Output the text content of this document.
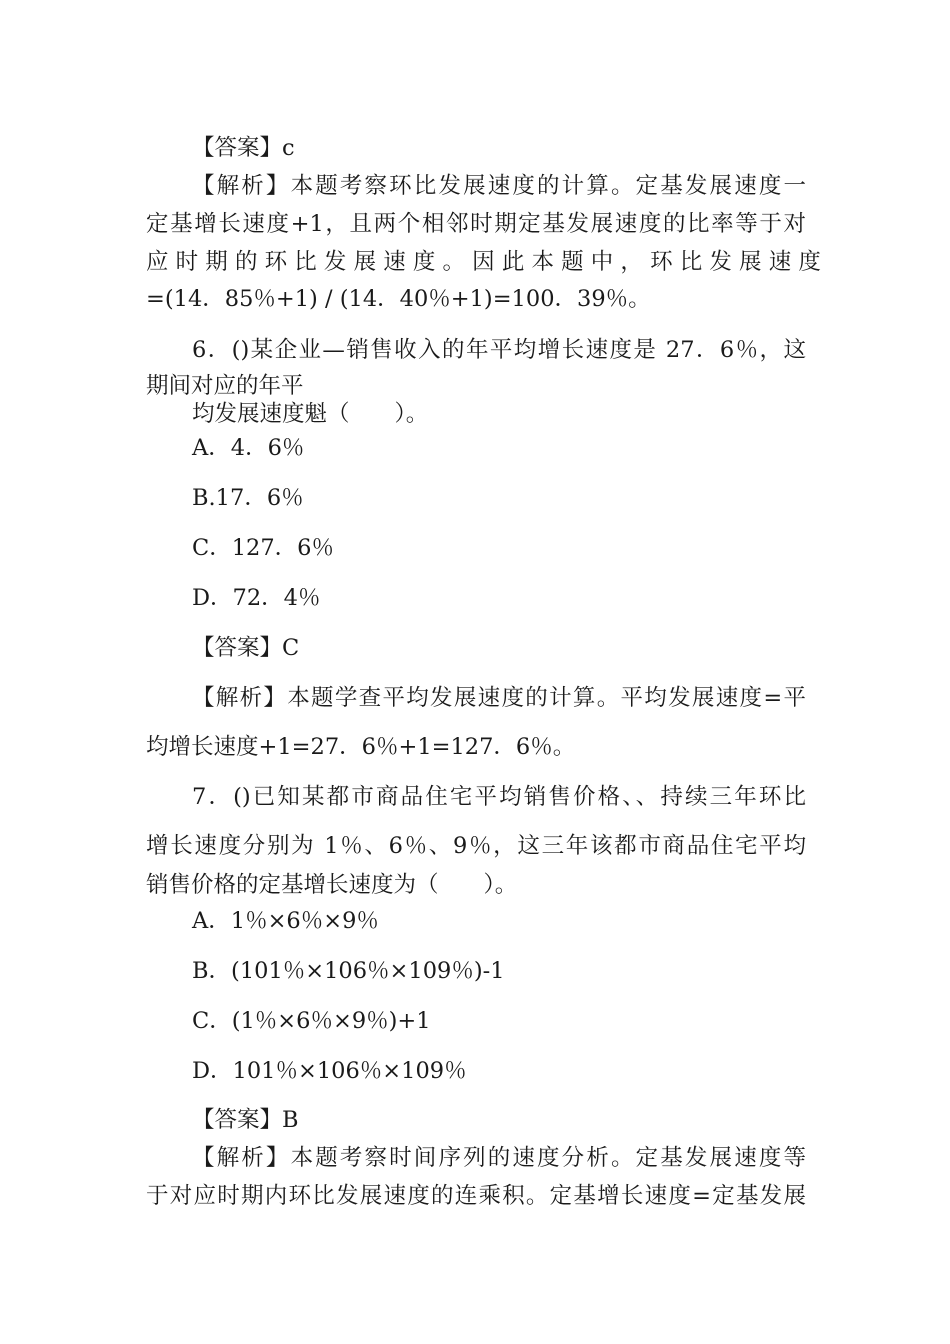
【答案】c
【解析】本题考察环比发展速度的计算。定基发展速度一
定基增长速度+1，且两个相邻时期定基发展速度的比率等于对
应 时 期 的 环 比 发 展 速 度 。 因 此 本 题 中 ， 环 比 发 展 速 度
=(14．85％+1) / (14．40％+1)=100．39％。
6．()某企业—销售收入的年平均增长速度是 27．6％，这
期间对应的年平
均发展速度魁（　　）。
A．4．6％
B.17．6％
C．127．6％
D．72．4％
【答案】C
【解析】本题学查平均发展速度的计算。平均发展速度=平
均增长速度+1=27．6％+1=127．6％。
7．()已知某都市商品住宅平均销售价格、、持续三年环比
增长速度分别为 1％、6％、9％，这三年该都市商品住宅平均
销售价格的定基增长速度为（　　）。
A．1％×6％×9％
B．(101％×106％×109％)-1
C．(1％×6％×9％)+1
D．101％×106％×109％
【答案】B
【解析】本题考察时间序列的速度分析。定基发展速度等
于对应时期内环比发展速度的连乘积。定基增长速度=定基发展
